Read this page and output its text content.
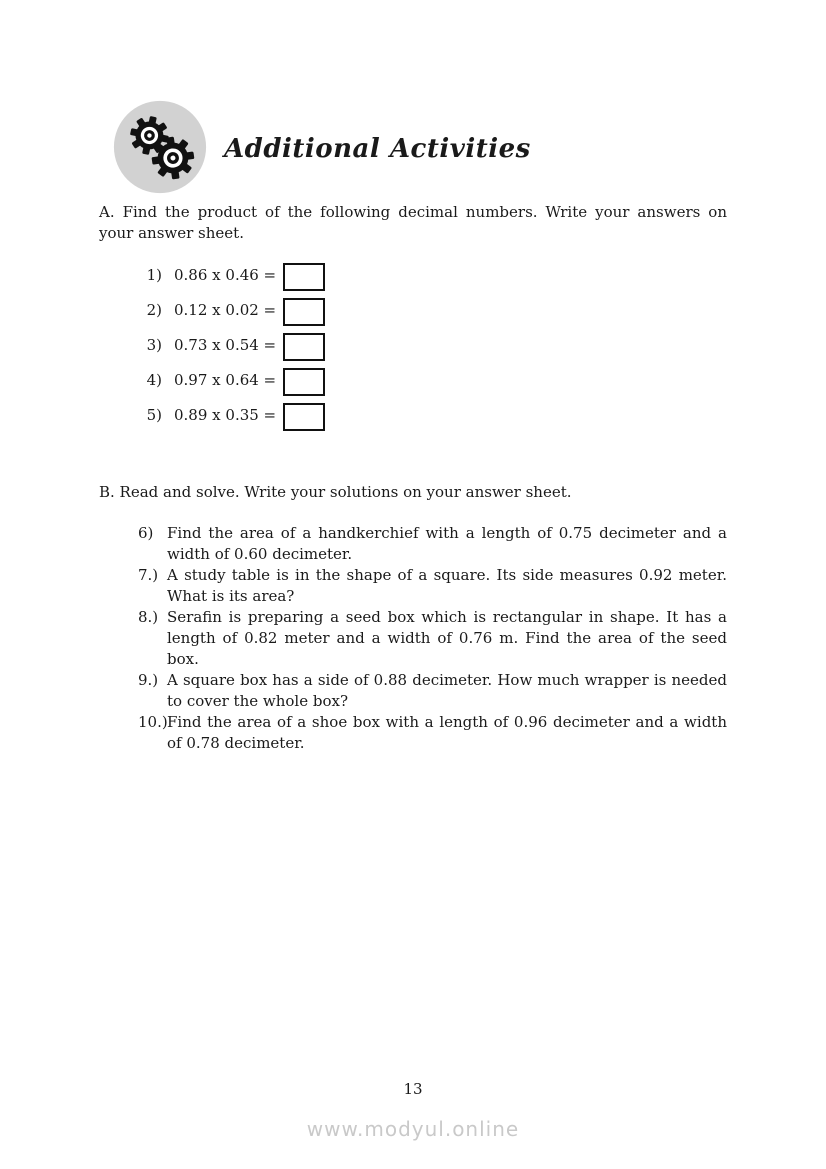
Additional Activities

A. Find the product of the following decimal numbers. Write your answers on your answer sheet.

1) 0.86 x 0.46 =
2) 0.12 x 0.02 =
3) 0.73 x 0.54 =
4) 0.97 x 0.64 =
5) 0.89 x 0.35 =

B. Read and solve. Write your solutions on your answer sheet.

6) Find the area of a handkerchief with a length of 0.75 decimeter and a width of 0.60 decimeter.
7.) A study table is in the shape of a square. Its side measures 0.92 meter. What is its area?
8.) Serafin is preparing a seed box which is rectangular in shape. It has a length of 0.82 meter and a width of 0.76 m. Find the area of the seed box.
9.) A square box has a side of 0.88 decimeter. How much wrapper is needed to cover the whole box?
10.) Find the area of a shoe box with a length of 0.96 decimeter and a width of 0.78 decimeter.
13
www.modyul.online
